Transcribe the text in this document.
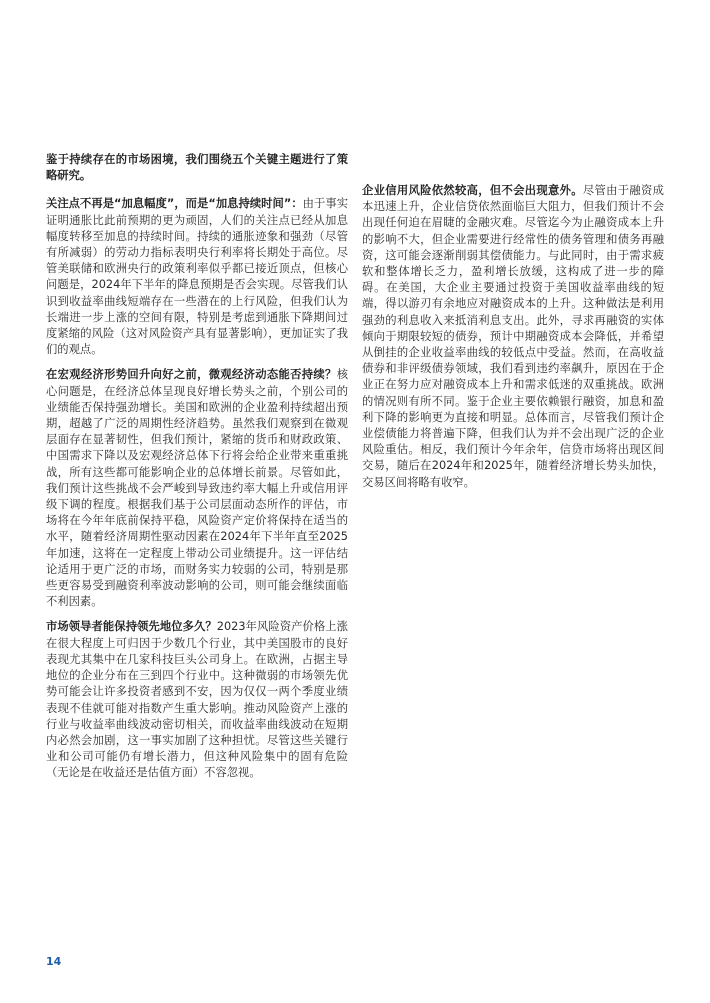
鉴于持续存在的市场困境，我们围绕五个关键主题进行了策略研究。

关注点不再是“加息幅度”，而是“加息持续时间”：由于事实证明通胀比此前预期的更为顽固，人们的关注点已经从加息幅度转移至加息的持续时间。持续的通胀迹象和强劲（尽管有所减弱）的劳动力指标表明央行利率将长期处于高位。尽管美联储和欧洲央行的政策利率似乎都已接近顶点，但核心问题是，2024年下半年的降息预期是否会实现。尽管我们认识到收益率曲线短端存在一些潜在的上行风险，但我们认为长端进一步上涨的空间有限，特别是考虑到通胀下降期间过度紧缩的风险（这对风险资产具有显著影响），更加证实了我们的观点。

在宏观经济形势回升向好之前，微观经济动态能否持续？核心问题是，在经济总体呈现良好增长势头之前，个别公司的业绩能否保持强劲增长。美国和欧洲的企业盈利持续超出预期，超越了广泛的周期性经济趋势。虽然我们观察到在微观层面存在显著韧性，但我们预计，紧缩的货币和财政政策、中国需求下降以及宏观经济总体下行将会给企业带来重重挑战，所有这些都可能影响企业的总体增长前景。尽管如此，我们预计这些挑战不会严峻到导致违约率大幅上升或信用评级下调的程度。根据我们基于公司层面动态所作的评估，市场将在今年年底前保持平稳，风险资产定价将保持在适当的水平，随着经济周期性驱动因素在2024年下半年直至2025年加速，这将在一定程度上带动公司业绩提升。这一评估结论适用于更广泛的市场，而财务实力较弱的公司，特别是那些更容易受到融资利率波动影响的公司，则可能会继续面临不利因素。

市场领导者能保持领先地位多久？2023年风险资产价格上涨在很大程度上可归因于少数几个行业，其中美国股市的良好表现尤其集中在几家科技巨头公司身上。在欧洲，占据主导地位的企业分布在三到四个行业中。这种微弱的市场领先优势可能会让许多投资者感到不安，因为仅仅一两个季度业绩表现不佳就可能对指数产生重大影响。推动风险资产上涨的行业与收益率曲线波动密切相关，而收益率曲线波动在短期内必然会加剧，这一事实加剧了这种担忧。尽管这些关键行业和公司可能仍有增长潜力，但这种风险集中的固有危险（无论是在收益还是估值方面）不容忽视。

企业信用风险依然较高，但不会出现意外。尽管由于融资成本迅速上升，企业信贷依然面临巨大阻力，但我们预计不会出现任何迫在眉睫的金融灾难。尽管迄今为止融资成本上升的影响不大，但企业需要进行经常性的债务管理和债务再融资，这可能会逐渐削弱其偿债能力。与此同时，由于需求疲软和整体增长乏力，盈利增长放缓，这构成了进一步的障碍。在美国，大企业主要通过投资于美国收益率曲线的短端，得以游刃有余地应对融资成本的上升。这种做法是利用强劲的利息收入来抵消利息支出。此外，寻求再融资的实体倾向于期限较短的债券，预计中期融资成本会降低，并希望从倒挂的企业收益率曲线的较低点中受益。然而，在高收益债券和非评级债券领域，我们看到违约率飙升，原因在于企业正在努力应对融资成本上升和需求低迷的双重挑战。欧洲的情况则有所不同。鉴于企业主要依赖银行融资，加息和盈利下降的影响更为直接和明显。总体而言，尽管我们预计企业偿债能力将普遍下降，但我们认为并不会出现广泛的企业风险重估。相反，我们预计今年余年，信贷市场将出现区间交易，随后在2024年和2025年，随着经济增长势头加快，交易区间将略有收窄。

14
